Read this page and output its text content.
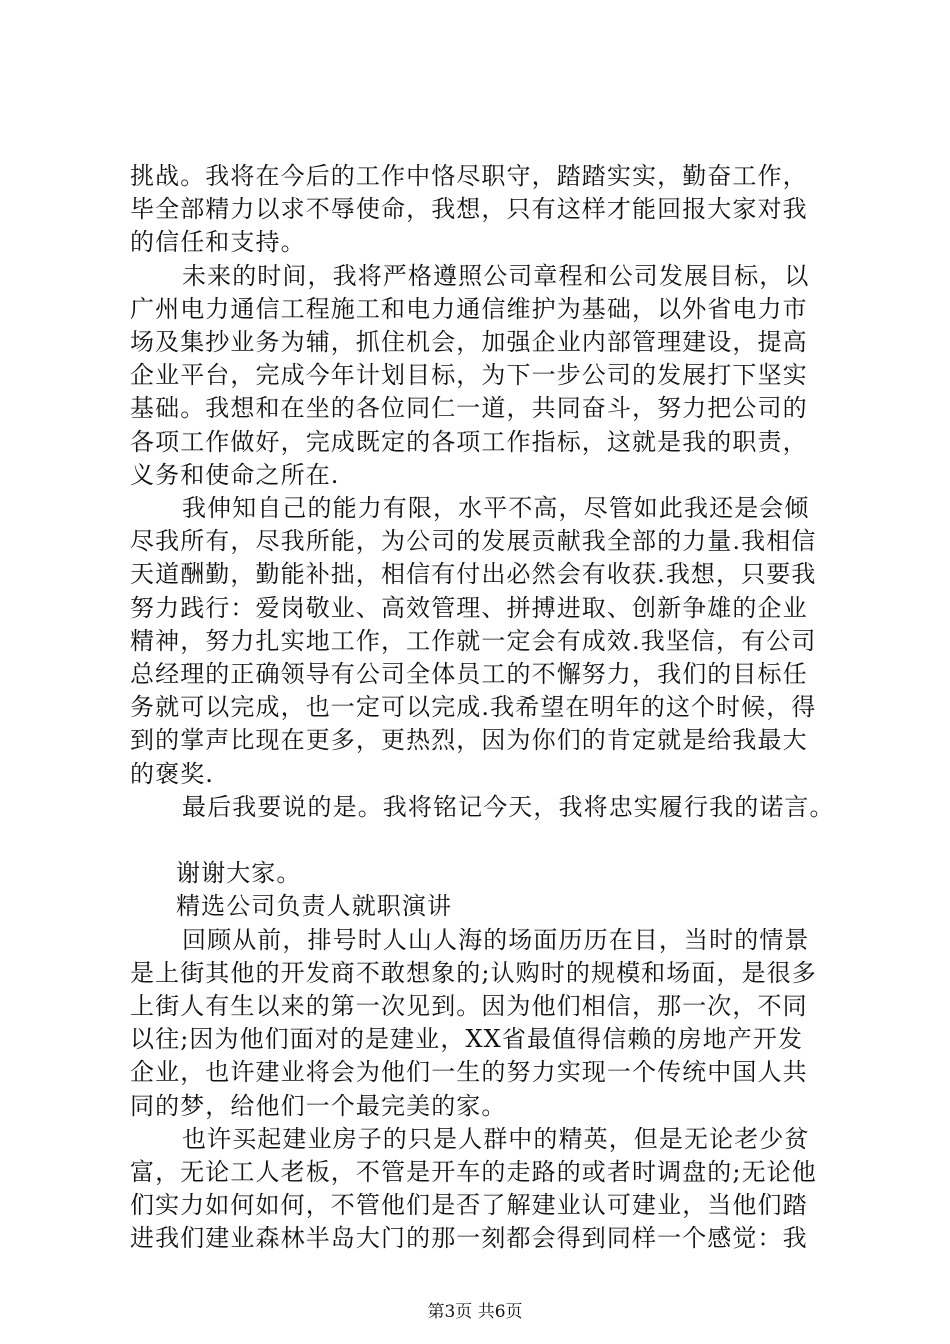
挑战。我将在今后的工作中恪尽职守，踏踏实实，勤奋工作，
毕全部精力以求不辱使命，我想，只有这样才能回报大家对我
的信任和支持。
未来的时间，我将严格遵照公司章程和公司发展目标，以
广州电力通信工程施工和电力通信维护为基础，以外省电力市
场及集抄业务为辅，抓住机会，加强企业内部管理建设，提高
企业平台，完成今年计划目标，为下一步公司的发展打下坚实
基础。我想和在坐的各位同仁一道，共同奋斗，努力把公司的
各项工作做好，完成既定的各项工作指标，这就是我的职责，
义务和使命之所在.
我伸知自己的能力有限，水平不高，尽管如此我还是会倾
尽我所有，尽我所能，为公司的发展贡献我全部的力量.我相信
天道酬勤，勤能补拙，相信有付出必然会有收获.我想，只要我
努力践行：爱岗敬业、高效管理、拼搏进取、创新争雄的企业
精神，努力扎实地工作，工作就一定会有成效.我坚信，有公司
总经理的正确领导有公司全体员工的不懈努力，我们的目标任
务就可以完成，也一定可以完成.我希望在明年的这个时候，得
到的掌声比现在更多，更热烈，因为你们的肯定就是给我最大
的褒奖.
最后我要说的是。我将铭记今天，我将忠实履行我的诺言。
谢谢大家。
精选公司负责人就职演讲
回顾从前，排号时人山人海的场面历历在目，当时的情景
是上街其他的开发商不敢想象的;认购时的规模和场面，是很多
上街人有生以来的第一次见到。因为他们相信，那一次，不同
以往;因为他们面对的是建业，XX省最值得信赖的房地产开发
企业，也许建业将会为他们一生的努力实现一个传统中国人共
同的梦，给他们一个最完美的家。
第3页 共6页
也许买起建业房子的只是人群中的精英，但是无论老少贫
富，无论工人老板，不管是开车的走路的或者时调盘的;无论他
们实力如何如何，不管他们是否了解建业认可建业，当他们踏
进我们建业森林半岛大门的那一刻都会得到同样一个感觉：我
